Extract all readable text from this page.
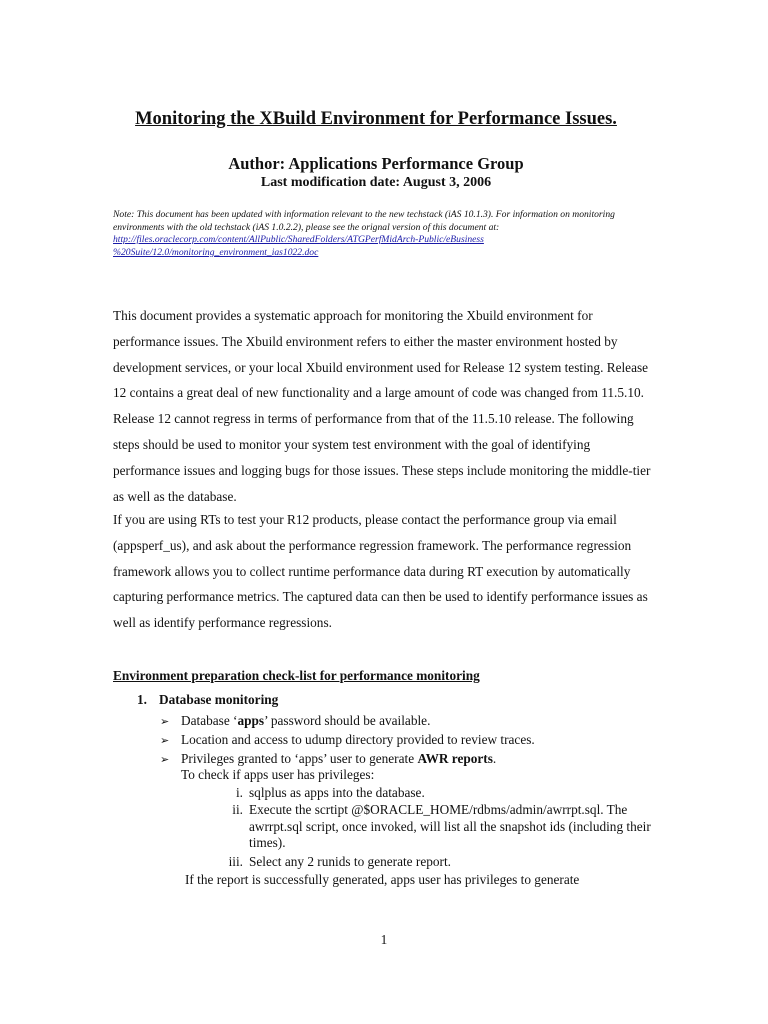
Monitoring the XBuild Environment for Performance Issues.
Author: Applications Performance Group
Last modification date: August 3, 2006
Note: This document has been updated with information relevant to the new techstack (iAS 10.1.3). For information on monitoring environments with the old techstack (iAS 1.0.2.2), please see the orignal version of this document at: http://files.oraclecorp.com/content/AllPublic/SharedFolders/ATGPerfMidArch-Public/eBusiness
%20Suite/12.0/monitoring_environment_ias1022.doc
This document provides a systematic approach for monitoring the Xbuild environment for performance issues. The Xbuild environment refers to either the master environment hosted by development services, or your local Xbuild environment used for Release 12 system testing. Release 12 contains a great deal of new functionality and a large amount of code was changed from 11.5.10. Release 12 cannot regress in terms of performance from that of the 11.5.10 release. The following steps should be used to monitor your system test environment with the goal of identifying performance issues and logging bugs for those issues. These steps include monitoring the middle-tier as well as the database.
If you are using RTs to test your R12 products, please contact the performance group via email (appsperf_us), and ask about the performance regression framework. The performance regression framework allows you to collect runtime performance data during RT execution by automatically capturing performance metrics. The captured data can then be used to identify performance issues as well as identify performance regressions.
Environment preparation check-list for performance monitoring
1. Database monitoring
➢ Database ‘apps’ password should be available.
➢ Location and access to udump directory provided to review traces.
➢ Privileges granted to ‘apps’ user to generate AWR reports.
To check if apps user has privileges:
i. sqlplus as apps into the database.
ii. Execute the scrtipt @$ORACLE_HOME/rdbms/admin/awrrpt.sql. The awrrpt.sql script, once invoked, will list all the snapshot ids (including their times).
iii. Select any 2 runids to generate report.
If the report is successfully generated, apps user has privileges to generate
1
